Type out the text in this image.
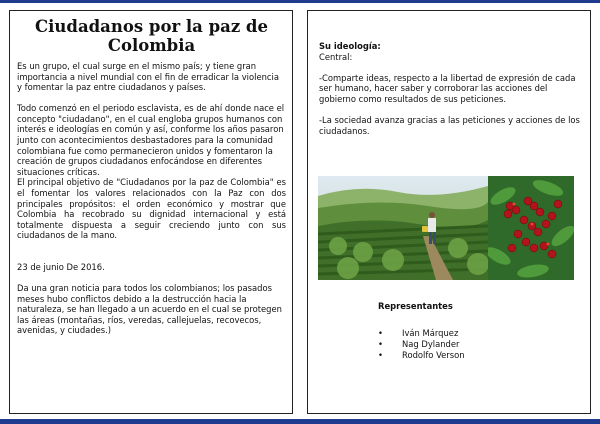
Ciudadanos por la paz de
Colombia

Es un grupo, el cual surge en el mismo país; y tiene gran importancia a nivel mundial con el fin de erradicar la violencia y fomentar la paz entre ciudadanos y países.

Todo comenzó en el periodo esclavista, es de ahí donde nace el concepto "ciudadano", en el cual engloba grupos humanos con interés e ideologías en común y así, conforme los años pasaron junto con acontecimientos desbastadores para la comunidad colombiana fue como permanecieron unidos y fomentaron la creación de grupos ciudadanos enfocándose en diferentes situaciones críticas.

El principal objetivo de "Ciudadanos por la paz de Colombia" es el fomentar los valores relacionados con la Paz con dos principales propósitos: el orden económico y mostrar que Colombia ha recobrado su dignidad internacional y está totalmente dispuesta a seguir creciendo junto con sus ciudadanos de la mano.

23 de junio De 2016.

Da una gran noticia para todos los colombianos; los pasados meses hubo conflictos debido a la destrucción hacia la naturaleza, se han llegado a un acuerdo en el cual se protegen las áreas (montañas, ríos, veredas, callejuelas, recovecos, avenidas, y ciudades.)

Su ideología:

Central:

-Comparte ideas, respecto a la libertad de expresión de cada ser humano, hacer saber y corroborar las acciones del gobierno como resultados de sus peticiones.

-La sociedad avanza gracias a las peticiones y acciones de los ciudadanos.

Representantes

• Iván Márquez
• Nag Dylander
• Rodolfo Verson
